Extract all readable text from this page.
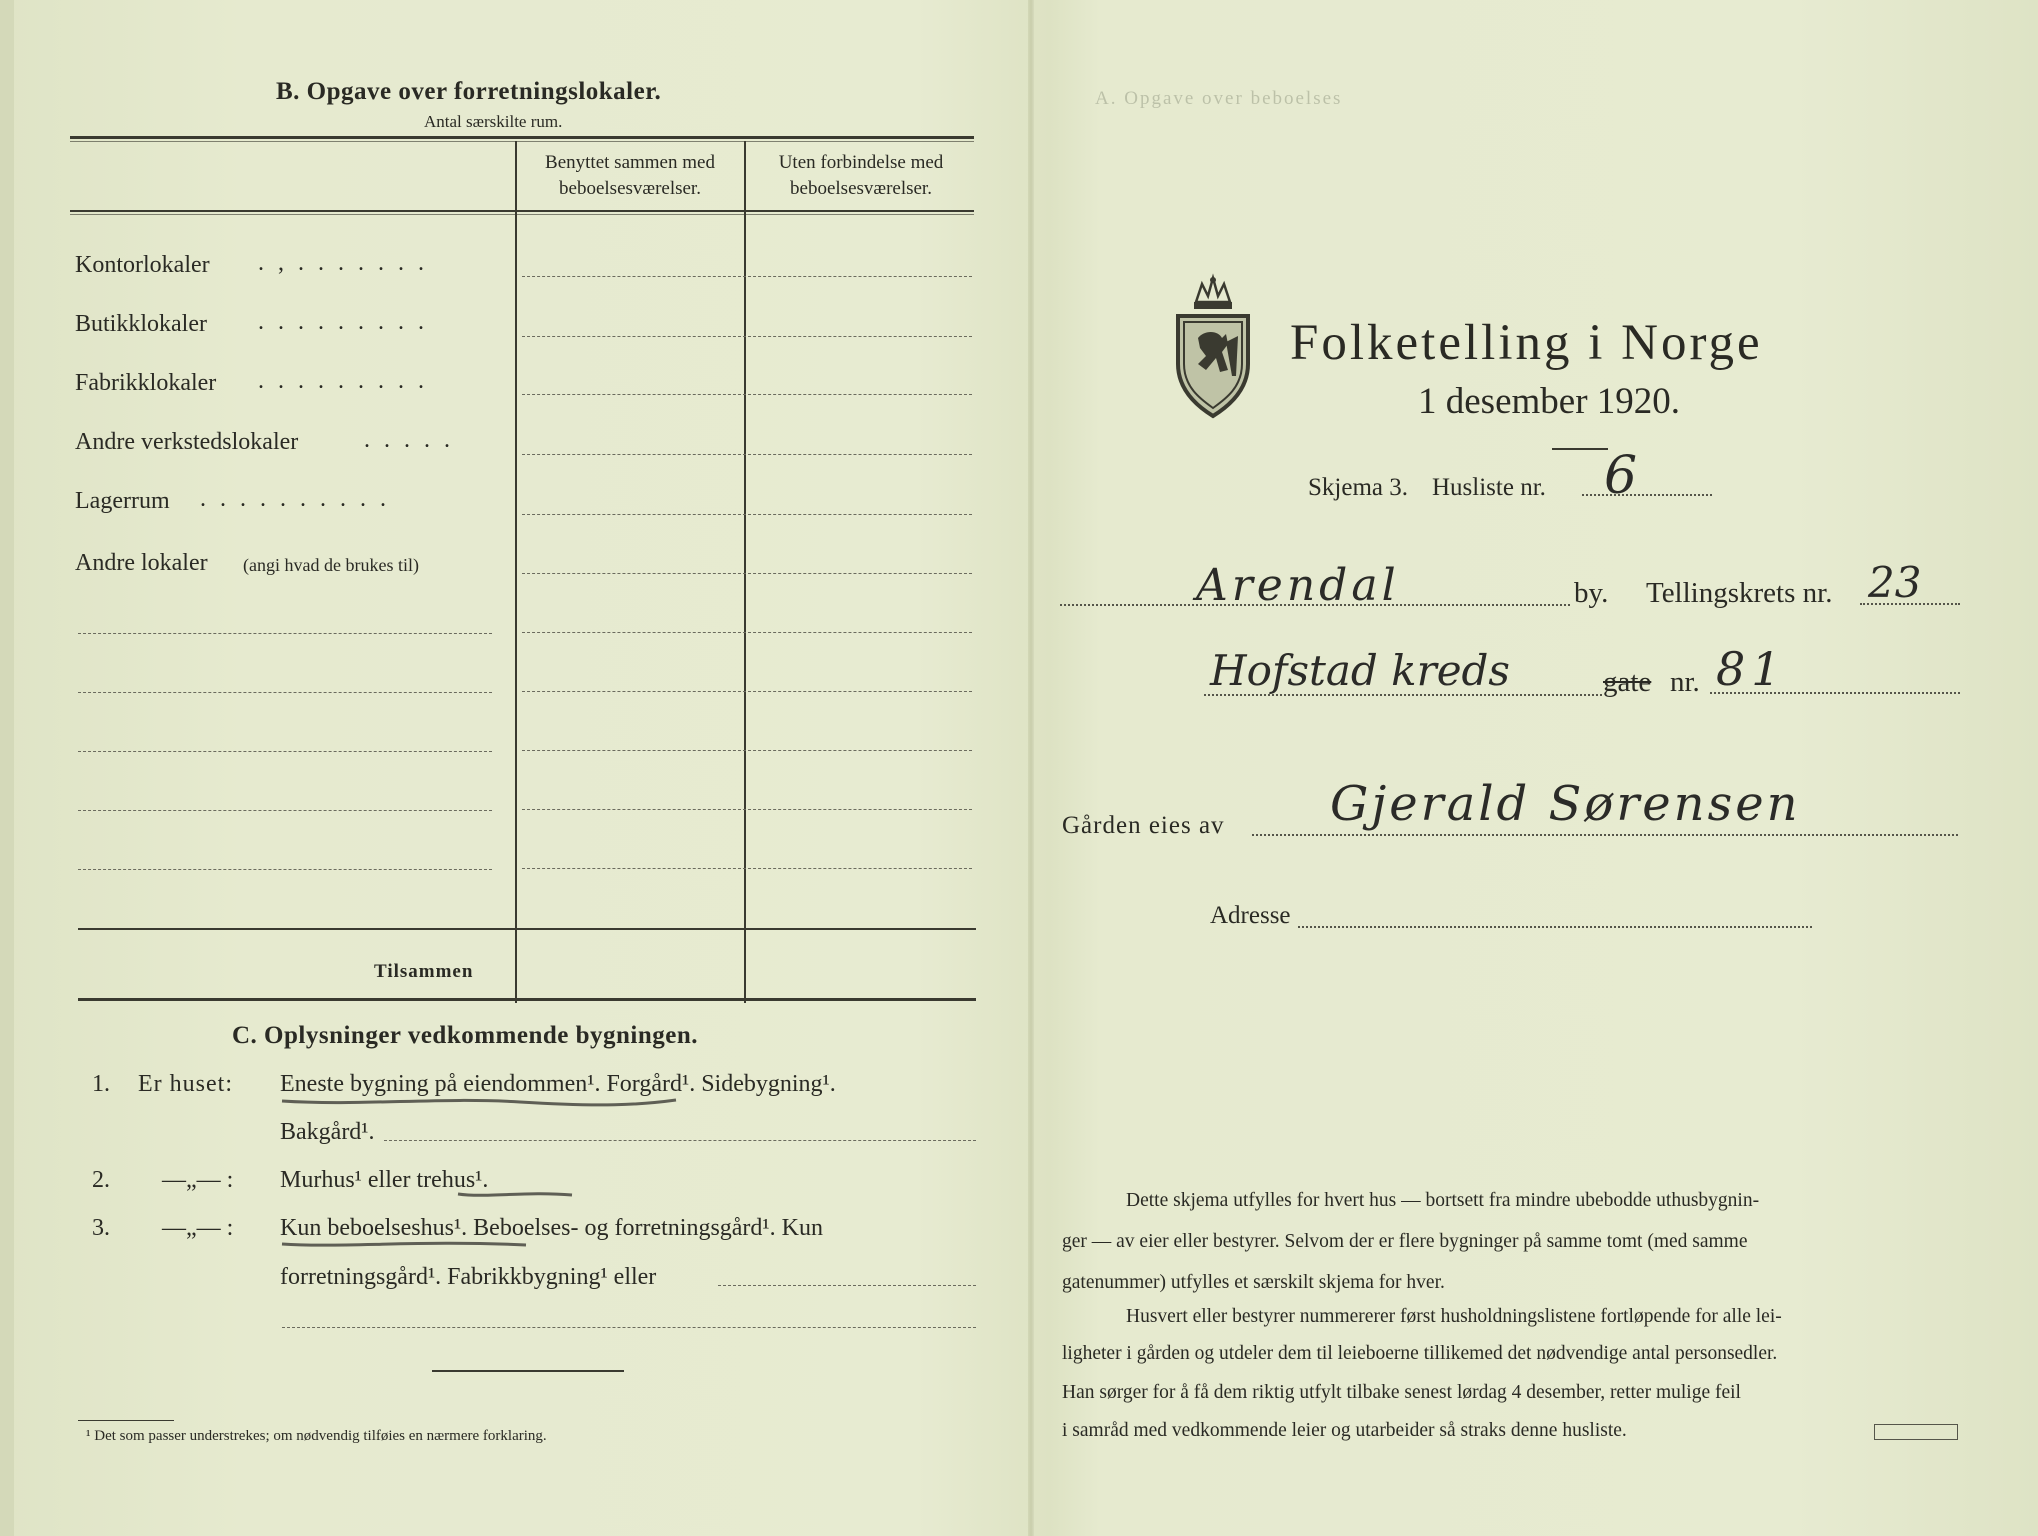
A. Opgave over beboelses
B. Opgave over forretningslokaler.
Antal særskilte rum.
Benyttet sammen med
beboelsesværelser.
Uten forbindelse med
beboelsesværelser.
Kontorlokaler . , . . . . . . .
Butikklokaler . . . . . . . . .
Fabrikklokaler . . . . . . . . .
Andre verkstedslokaler	. . . . .
Lagerrum . . . . . . . . . .
Andre lokaler (angi hvad de brukes til)
Tilsammen
C. Oplysninger vedkommende bygningen.
1. Er huset: Eneste bygning på eiendommen¹. Forgård¹. Sidebygning¹.
Bakgård¹.
2. —„— : Murhus¹ eller trehus¹.
3. —„— : Kun beboelseshus¹. Beboelses- og forretningsgård¹. Kun
forretningsgård¹. Fabrikkbygning¹ eller
¹ Det som passer understrekes; om nødvendig tilføies en nærmere forklaring.
Folketelling i Norge
1 desember 1920.
Skjema 3. Husliste nr. 6
Arendal	by. Tellingskrets nr. 23
Hofstad kreds	gate nr. 81
Gården eies av Gjerald Sørensen
Adresse
Dette skjema utfylles for hvert hus — bortsett fra mindre ubebodde uthusbygnin-
ger — av eier eller bestyrer. Selvom der er flere bygninger på samme tomt (med samme
gatenummer) utfylles et særskilt skjema for hver.
Husvert eller bestyrer nummererer først husholdningslistene fortløpende for alle lei-
ligheter i gården og utdeler dem til leieboerne tillikemed det nødvendige antal personsedler.
Han sørger for å få dem riktig utfylt tilbake senest lørdag 4 desember, retter mulige feil
i samråd med vedkommende leier og utarbeider så straks denne husliste.
